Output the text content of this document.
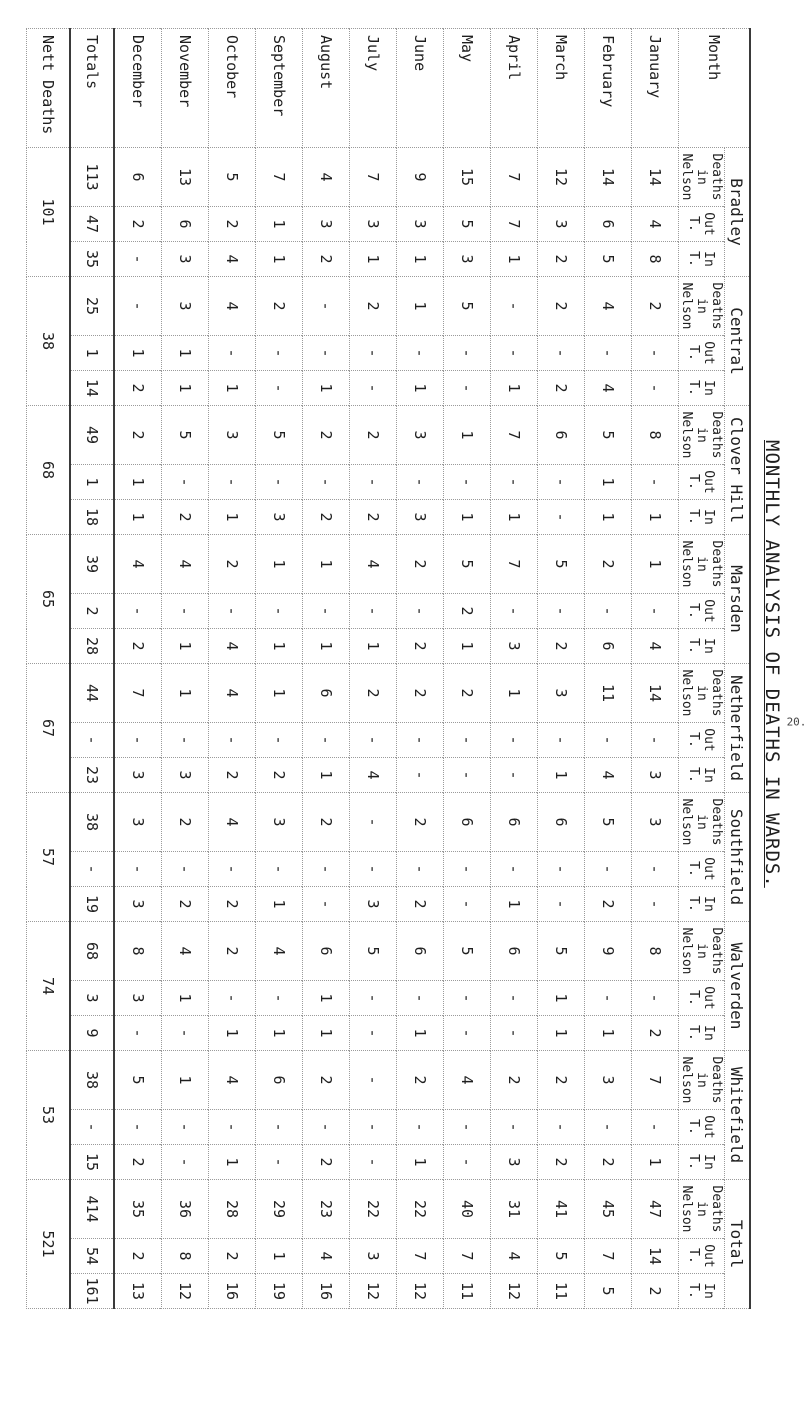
20.
MONTHLY ANALYSIS OF DEATHS IN WARDS.
Month	Bradley			Central			Clover Hill			Marsden			Netherfield			Southfield			Walverden			Whitefield			Total		
	Deaths in Nelson	Out T.	In T.	Deaths in Nelson	Out T.	In T.	Deaths in Nelson	Out T.	In T.	Deaths in Nelson	Out T.	In T.	Deaths in Nelson	Out T.	In T.	Deaths in Nelson	Out T.	In T.	Deaths in Nelson	Out T.	In T.	Deaths in Nelson	Out T.	In T.	Deaths in Nelson	Out T.	In T.
January	14	4	8	2	-	-	8	-	1	1	-	4	14	-	3	3	-	-	8	-	2	7	-	1	47	14	2
February	14	6	5	4	-	4	5	1	1	2	-	6	11	-	4	5	-	2	9	-	1	3	-	2	45	7	5
March	12	3	2	2	-	2	6	-	-	5	-	2	3	-	1	6	-	-	5	1	1	2	-	2	41	5	11
April	7	7	1	-	-	1	7	-	1	7	-	3	1	-	-	6	-	1	6	-	-	2	-	3	31	4	12
May	15	5	3	5	-	-	1	-	1	5	2	1	2	-	-	6	-	-	5	-	-	4	-	-	40	7	11
June	9	3	1	1	-	1	3	-	3	2	-	2	2	-	-	2	-	2	6	-	1	2	-	1	22	7	12
July	7	3	1	2	-	-	2	-	2	4	-	1	2	-	4	-	-	3	5	-	-	-	-	-	22	3	12
August	4	3	2	-	-	1	2	-	2	1	-	1	6	-	1	2	-	-	6	1	1	2	-	2	23	4	16
September	7	1	1	2	-	-	5	-	3	1	-	1	1	-	2	3	-	1	4	-	1	6	-	-	29	1	19
October	5	2	4	4	-	1	3	-	1	2	-	4	4	-	2	4	-	2	2	-	1	4	-	1	28	2	16
November	13	6	3	3	1	1	5	-	2	4	-	1	1	-	3	2	-	2	4	1	-	1	-	-	36	8	12
December	6	2	-	-	1	2	2	1	1	4	-	2	7	-	3	3	-	3	8	3	-	5	-	2	35	2	13
Totals	113	47	35	25	1	14	49	1	18	39	2	28	44	-	23	38	-	19	68	3	9	38	-	15	414	54	161
Nett Deaths	101			38			68			65			67			57			74			53			521		
